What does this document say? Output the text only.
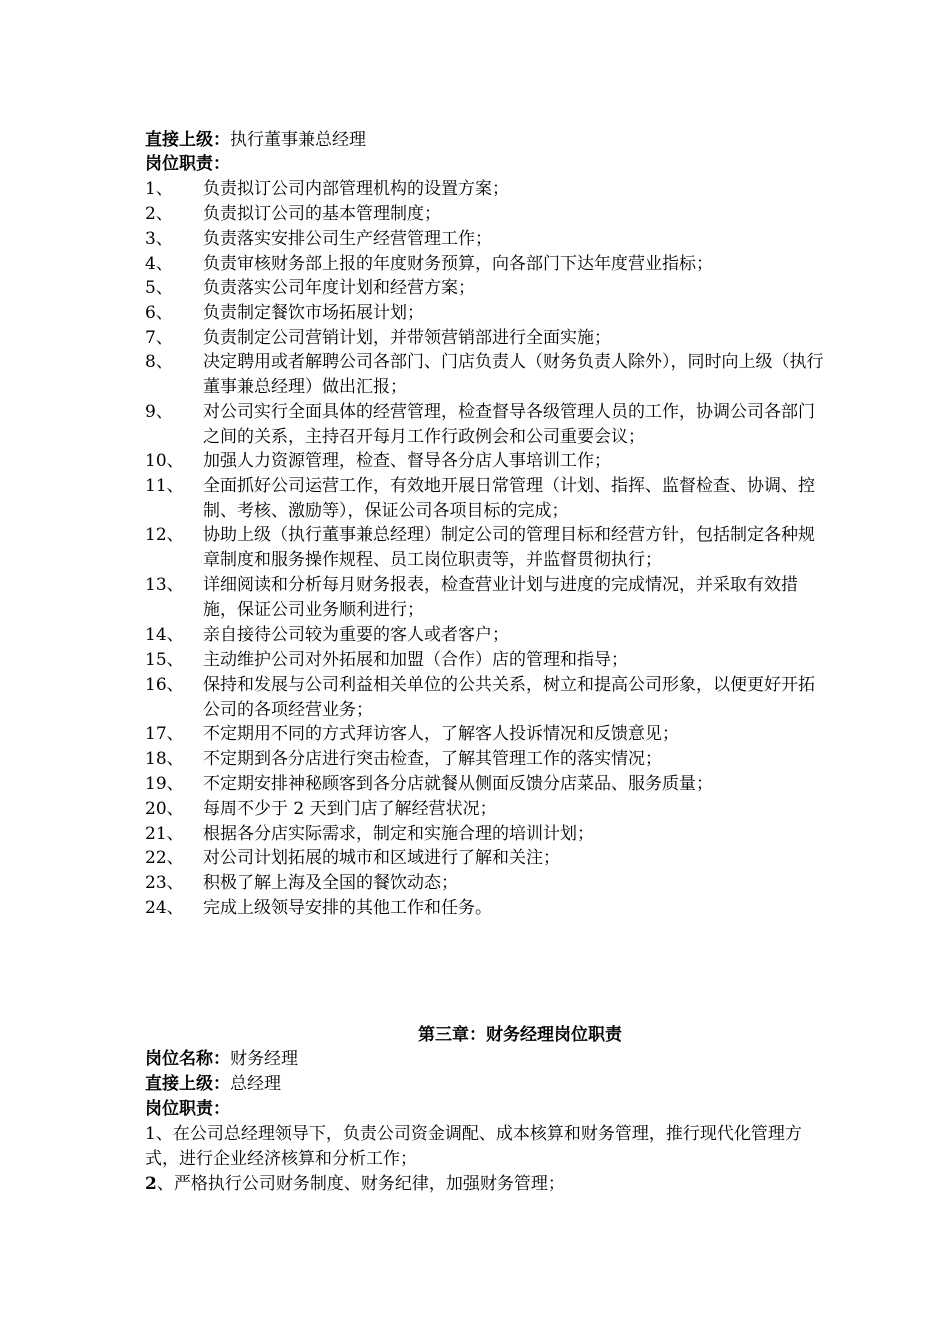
直接上级：执行董事兼总经理
岗位职责：
1、 负责拟订公司内部管理机构的设置方案；
2、 负责拟订公司的基本管理制度；
3、 负责落实安排公司生产经营管理工作；
4、 负责审核财务部上报的年度财务预算，向各部门下达年度营业指标；
5、 负责落实公司年度计划和经营方案；
6、 负责制定餐饮市场拓展计划；
7、 负责制定公司营销计划，并带领营销部进行全面实施；
8、 决定聘用或者解聘公司各部门、门店负责人（财务负责人除外），同时向上级（执行董事兼总经理）做出汇报；
9、 对公司实行全面具体的经营管理，检查督导各级管理人员的工作，协调公司各部门之间的关系，主持召开每月工作行政例会和公司重要会议；
10、 加强人力资源管理，检查、督导各分店人事培训工作；
11、 全面抓好公司运营工作，有效地开展日常管理（计划、指挥、监督检查、协调、控制、考核、激励等），保证公司各项目标的完成；
12、 协助上级（执行董事兼总经理）制定公司的管理目标和经营方针，包括制定各种规章制度和服务操作规程、员工岗位职责等，并监督贯彻执行；
13、 详细阅读和分析每月财务报表，检查营业计划与进度的完成情况，并采取有效措施，保证公司业务顺利进行；
14、 亲自接待公司较为重要的客人或者客户；
15、 主动维护公司对外拓展和加盟（合作）店的管理和指导；
16、 保持和发展与公司利益相关单位的公共关系，树立和提高公司形象，以便更好开拓公司的各项经营业务；
17、 不定期用不同的方式拜访客人，了解客人投诉情况和反馈意见；
18、 不定期到各分店进行突击检查，了解其管理工作的落实情况；
19、 不定期安排神秘顾客到各分店就餐从侧面反馈分店菜品、服务质量；
20、 每周不少于 2 天到门店了解经营状况；
21、 根据各分店实际需求，制定和实施合理的培训计划；
22、 对公司计划拓展的城市和区域进行了解和关注；
23、 积极了解上海及全国的餐饮动态；
24、 完成上级领导安排的其他工作和任务。
第三章：财务经理岗位职责
岗位名称：财务经理
直接上级：总经理
岗位职责：
1、在公司总经理领导下，负责公司资金调配、成本核算和财务管理，推行现代化管理方式，进行企业经济核算和分析工作；
2、严格执行公司财务制度、财务纪律，加强财务管理；
